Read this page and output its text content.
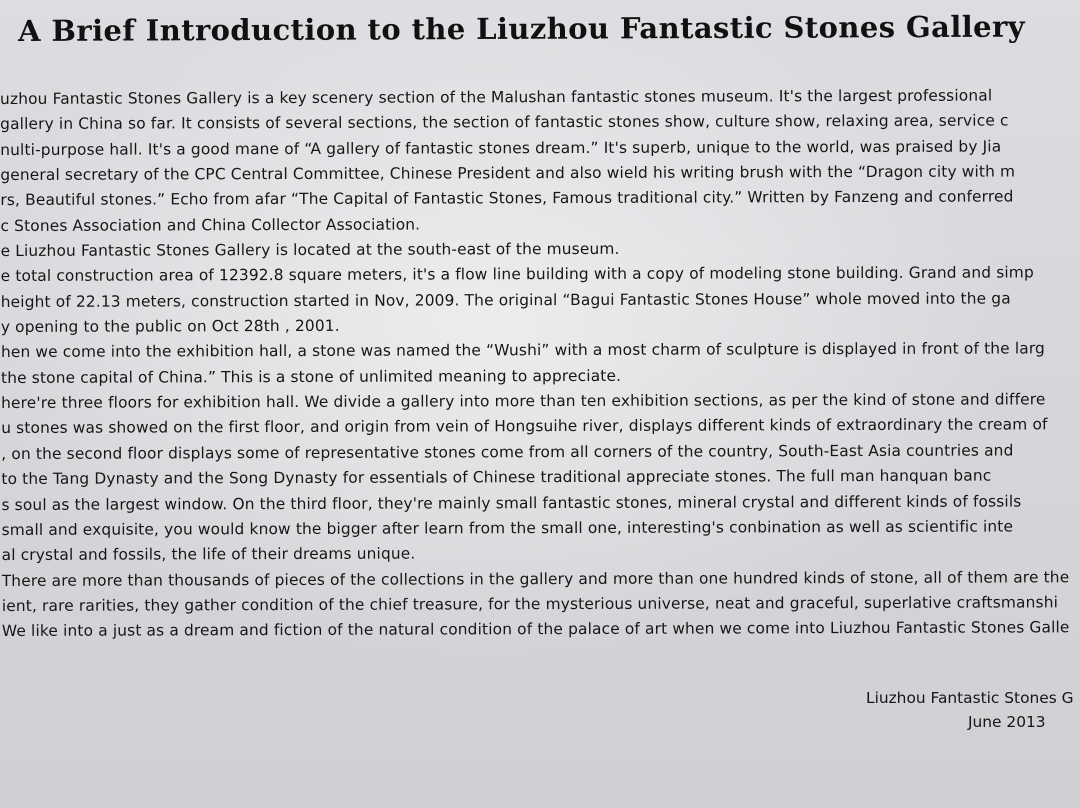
A Brief Introduction to the Liuzhou Fantastic Stones Gallery
uzhou Fantastic Stones Gallery is a key scenery section of the Malushan fantastic stones museum. It's the largest professional
gallery in China so far. It consists of several sections, the section of fantastic stones show, culture show, relaxing area, service c
nulti-purpose hall. It's a good mane of “A gallery of fantastic stones dream.” It's superb, unique to the world, was praised by Jia
general secretary of the CPC Central Committee, Chinese President and also wield his writing brush with the “Dragon city with m
rs, Beautiful stones.” Echo from afar “The Capital of Fantastic Stones, Famous traditional city.” Written by Fanzeng and conferred
c Stones Association and China Collector Association.
e Liuzhou Fantastic Stones Gallery is located at the south-east of the museum.
e total construction area of 12392.8 square meters, it's a flow line building with a copy of modeling stone building. Grand and simp
height of 22.13 meters, construction started in Nov, 2009. The original “Bagui Fantastic Stones House” whole moved into the ga
y opening to the public on Oct 28th , 2001.
hen we come into the exhibition hall, a stone was named the “Wushi” with a most charm of sculpture is displayed in front of the larg
the stone capital of China.” This is a stone of unlimited meaning to appreciate.
here're three floors for exhibition hall. We divide a gallery into more than ten exhibition sections, as per the kind of stone and differe
u stones was showed on the first floor, and origin from vein of Hongsuihe river, displays different kinds of extraordinary the cream of
, on the second floor displays some of representative stones come from all corners of the country, South-East Asia countries and
to the Tang Dynasty and the Song Dynasty for essentials of Chinese traditional appreciate stones. The full man hanquan banc
s soul as the largest window. On the third floor, they're mainly small fantastic stones, mineral crystal and different kinds of fossils
small and exquisite, you would know the bigger after learn from the small one, interesting's conbination as well as scientific inte
al crystal and fossils, the life of their dreams unique.
There are more than thousands of pieces of the collections in the gallery and more than one hundred kinds of stone, all of them are the
ient, rare rarities, they gather condition of the chief treasure, for the mysterious universe, neat and graceful, superlative craftsmanshi
We like into a just as a dream and fiction of the natural condition of the palace of art when we come into Liuzhou Fantastic Stones Galle
Liuzhou Fantastic Stones G
June 2013
